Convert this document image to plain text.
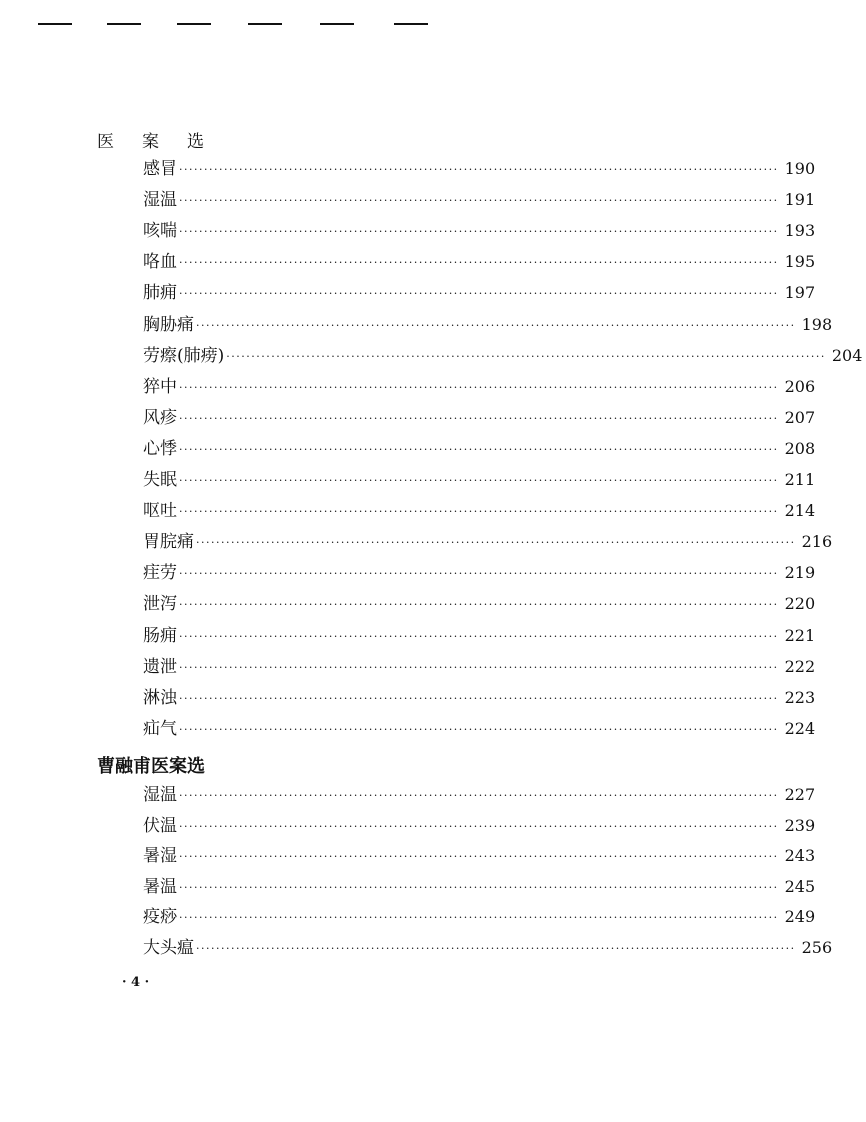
医 案 选
感 冒 ························································································································ 190
湿 温 ························································································································ 191
咳 喘 ························································································································ 193
咯 血 ························································································································ 195
肺 痈 ························································································································ 197
胸 胁 痛 ························································································································ 198
劳 瘵(肺痨) ························································································································ 204
猝 中 ························································································································ 206
风 疹 ························································································································ 207
心 悸 ························································································································ 208
失 眠 ························································································································ 211
呕 吐 ························································································································ 214
胃 脘 痛 ························································································································ 216
疰 劳 ························································································································ 219
泄 泻 ························································································································ 220
肠 痈 ························································································································ 221
遗 泄 ························································································································ 222
淋 浊 ························································································································ 223
疝 气 ························································································································ 224
曹融甫医案选
湿 温 ························································································································ 227
伏 温 ························································································································ 239
暑 湿 ························································································································ 243
暑 温 ························································································································ 245
疫 痧 ························································································································ 249
大 头 瘟 ························································································································ 256
· 4 ·
